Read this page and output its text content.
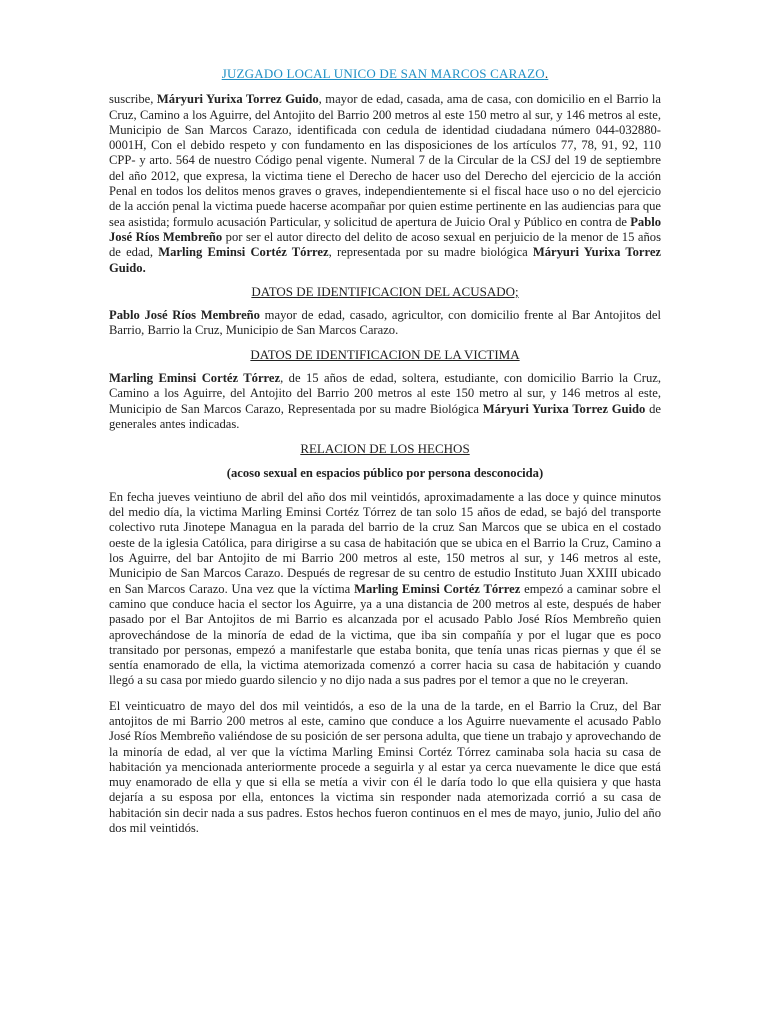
JUZGADO LOCAL UNICO DE SAN MARCOS CARAZO.

suscribe, Máryuri Yurixa Torrez Guido, mayor de edad, casada, ama de casa, con domicilio en el Barrio la Cruz, Camino a los Aguirre, del Antojito del Barrio 200 metros al este 150 metro al sur, y 146 metros al este, Municipio de San Marcos Carazo, identificada con cedula de identidad ciudadana número 044-032880-0001H, Con el debido respeto y con fundamento en las disposiciones de los artículos 77, 78, 91, 92, 110 CPP- y arto. 564 de nuestro Código penal vigente. Numeral 7 de la Circular de la CSJ del 19 de septiembre del año 2012, que expresa, la victima tiene el Derecho de hacer uso del Derecho del ejercicio de la acción Penal en todos los delitos menos graves o graves, independientemente si el fiscal hace uso o no del ejercicio de la acción penal la victima puede hacerse acompañar por quien estime pertinente en las audiencias para que sea asistida; formulo acusación Particular, y solicitud de apertura de Juicio Oral y Público en contra de Pablo José Ríos Membreño por ser el autor directo del delito de acoso sexual en perjuicio de la menor de 15 años de edad, Marling Eminsi Cortéz Tórrez, representada por su madre biológica Máryuri Yurixa Torrez Guido.

DATOS DE IDENTIFICACION DEL ACUSADO;

Pablo José Ríos Membreño mayor de edad, casado, agricultor, con domicilio frente al Bar Antojitos del Barrio, Barrio la Cruz, Municipio de San Marcos Carazo.

DATOS DE IDENTIFICACION DE LA VICTIMA

Marling Eminsi Cortéz Tórrez, de 15 años de edad, soltera, estudiante, con domicilio Barrio la Cruz, Camino a los Aguirre, del Antojito del Barrio 200 metros al este 150 metro al sur, y 146 metros al este, Municipio de San Marcos Carazo, Representada por su madre Biológica Máryuri Yurixa Torrez Guido de generales antes indicadas.

RELACION DE LOS HECHOS

(acoso sexual en espacios público por persona desconocida)

En fecha jueves veintiuno de abril del año dos mil veintidós, aproximadamente a las doce y quince minutos del medio día, la victima Marling Eminsi Cortéz Tórrez de tan solo 15 años de edad, se bajó del transporte colectivo ruta Jinotepe Managua en la parada del barrio de la cruz San Marcos que se ubica en el costado oeste de la iglesia Católica, para dirigirse a su casa de habitación que se ubica en el Barrio la Cruz, Camino a los Aguirre, del bar Antojito de mi Barrio 200 metros al este, 150 metros al sur, y 146 metros al este, Municipio de San Marcos Carazo. Después de regresar de su centro de estudio Instituto Juan XXIII ubicado en San Marcos Carazo. Una vez que la víctima Marling Eminsi Cortéz Tórrez empezó a caminar sobre el camino que conduce hacia el sector los Aguirre, ya a una distancia de 200 metros al este, después de haber pasado por el Bar Antojitos de mi Barrio es alcanzada por el acusado Pablo José Ríos Membreño quien aprovechándose de la minoría de edad de la victima, que iba sin compañía y por el lugar que es poco transitado por personas, empezó a manifestarle que estaba bonita, que tenía unas ricas piernas y que él se sentía enamorado de ella, la victima atemorizada comenzó a correr hacia su casa de habitación y cuando llegó a su casa por miedo guardo silencio y no dijo nada a sus padres por el temor a que no le creyeran.

El veinticuatro de mayo del dos mil veintidós, a eso de la una de la tarde, en el Barrio la Cruz, del Bar antojitos de mi Barrio 200 metros al este, camino que conduce a los Aguirre nuevamente el acusado Pablo José Ríos Membreño valiéndose de su posición de ser persona adulta, que tiene un trabajo y aprovechando de la minoría de edad, al ver que la víctima Marling Eminsi Cortéz Tórrez caminaba sola hacia su casa de habitación ya mencionada anteriormente procede a seguirla y al estar ya cerca nuevamente le dice que está muy enamorado de ella y que si ella se metía a vivir con él le daría todo lo que ella quisiera y que hasta dejaría a su esposa por ella, entonces la victima sin responder nada atemorizada corrió a su casa de habitación sin decir nada a sus padres. Estos hechos fueron continuos en el mes de mayo, junio, Julio del año dos mil veintidós.
